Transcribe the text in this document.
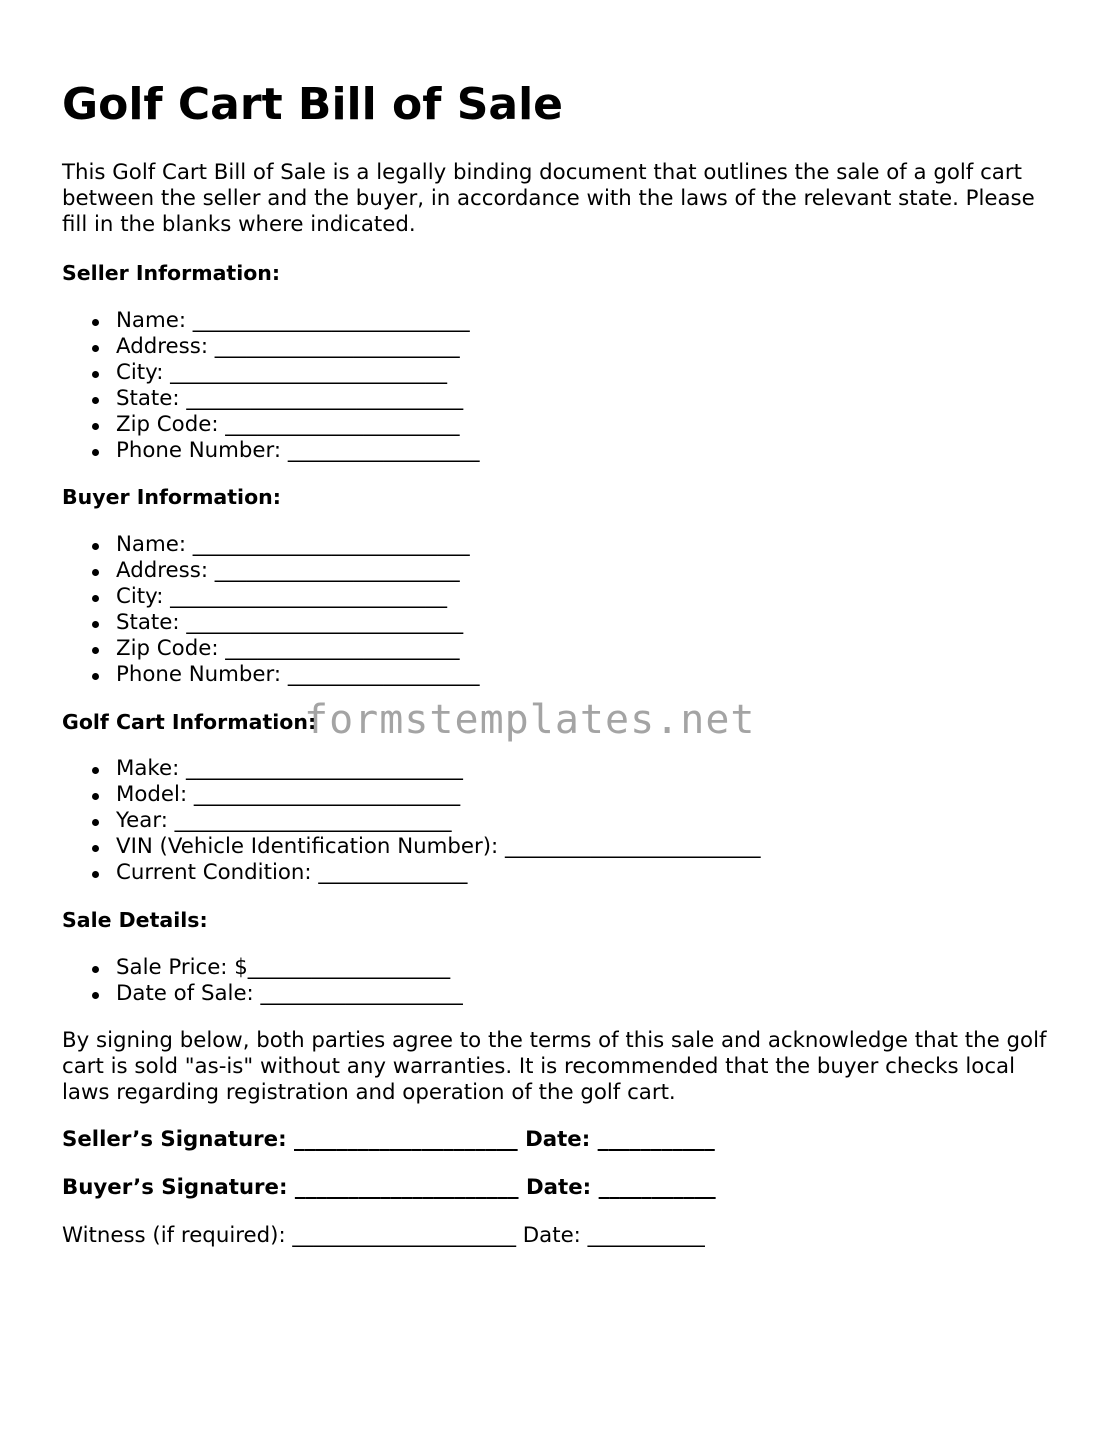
Golf Cart Bill of Sale

This Golf Cart Bill of Sale is a legally binding document that outlines the sale of a golf cart between the seller and the buyer, in accordance with the laws of the relevant state. Please fill in the blanks where indicated.

Seller Information:

Name: __________________________
Address: _______________________
City: __________________________
State: __________________________
Zip Code: ______________________
Phone Number: __________________

Buyer Information:

Name: __________________________
Address: _______________________
City: __________________________
State: __________________________
Zip Code: ______________________
Phone Number: __________________

Golf Cart Information:

Make: __________________________
Model: _________________________
Year: __________________________
VIN (Vehicle Identification Number): ________________________
Current Condition: ______________

Sale Details:

Sale Price: $___________________
Date of Sale: ___________________

By signing below, both parties agree to the terms of this sale and acknowledge that the golf cart is sold "as-is" without any warranties. It is recommended that the buyer checks local laws regarding registration and operation of the golf cart.

Seller’s Signature: _____________________ Date: ___________

Buyer’s Signature: _____________________ Date: ___________

Witness (if required): _____________________ Date: ___________

formstemplates.net
